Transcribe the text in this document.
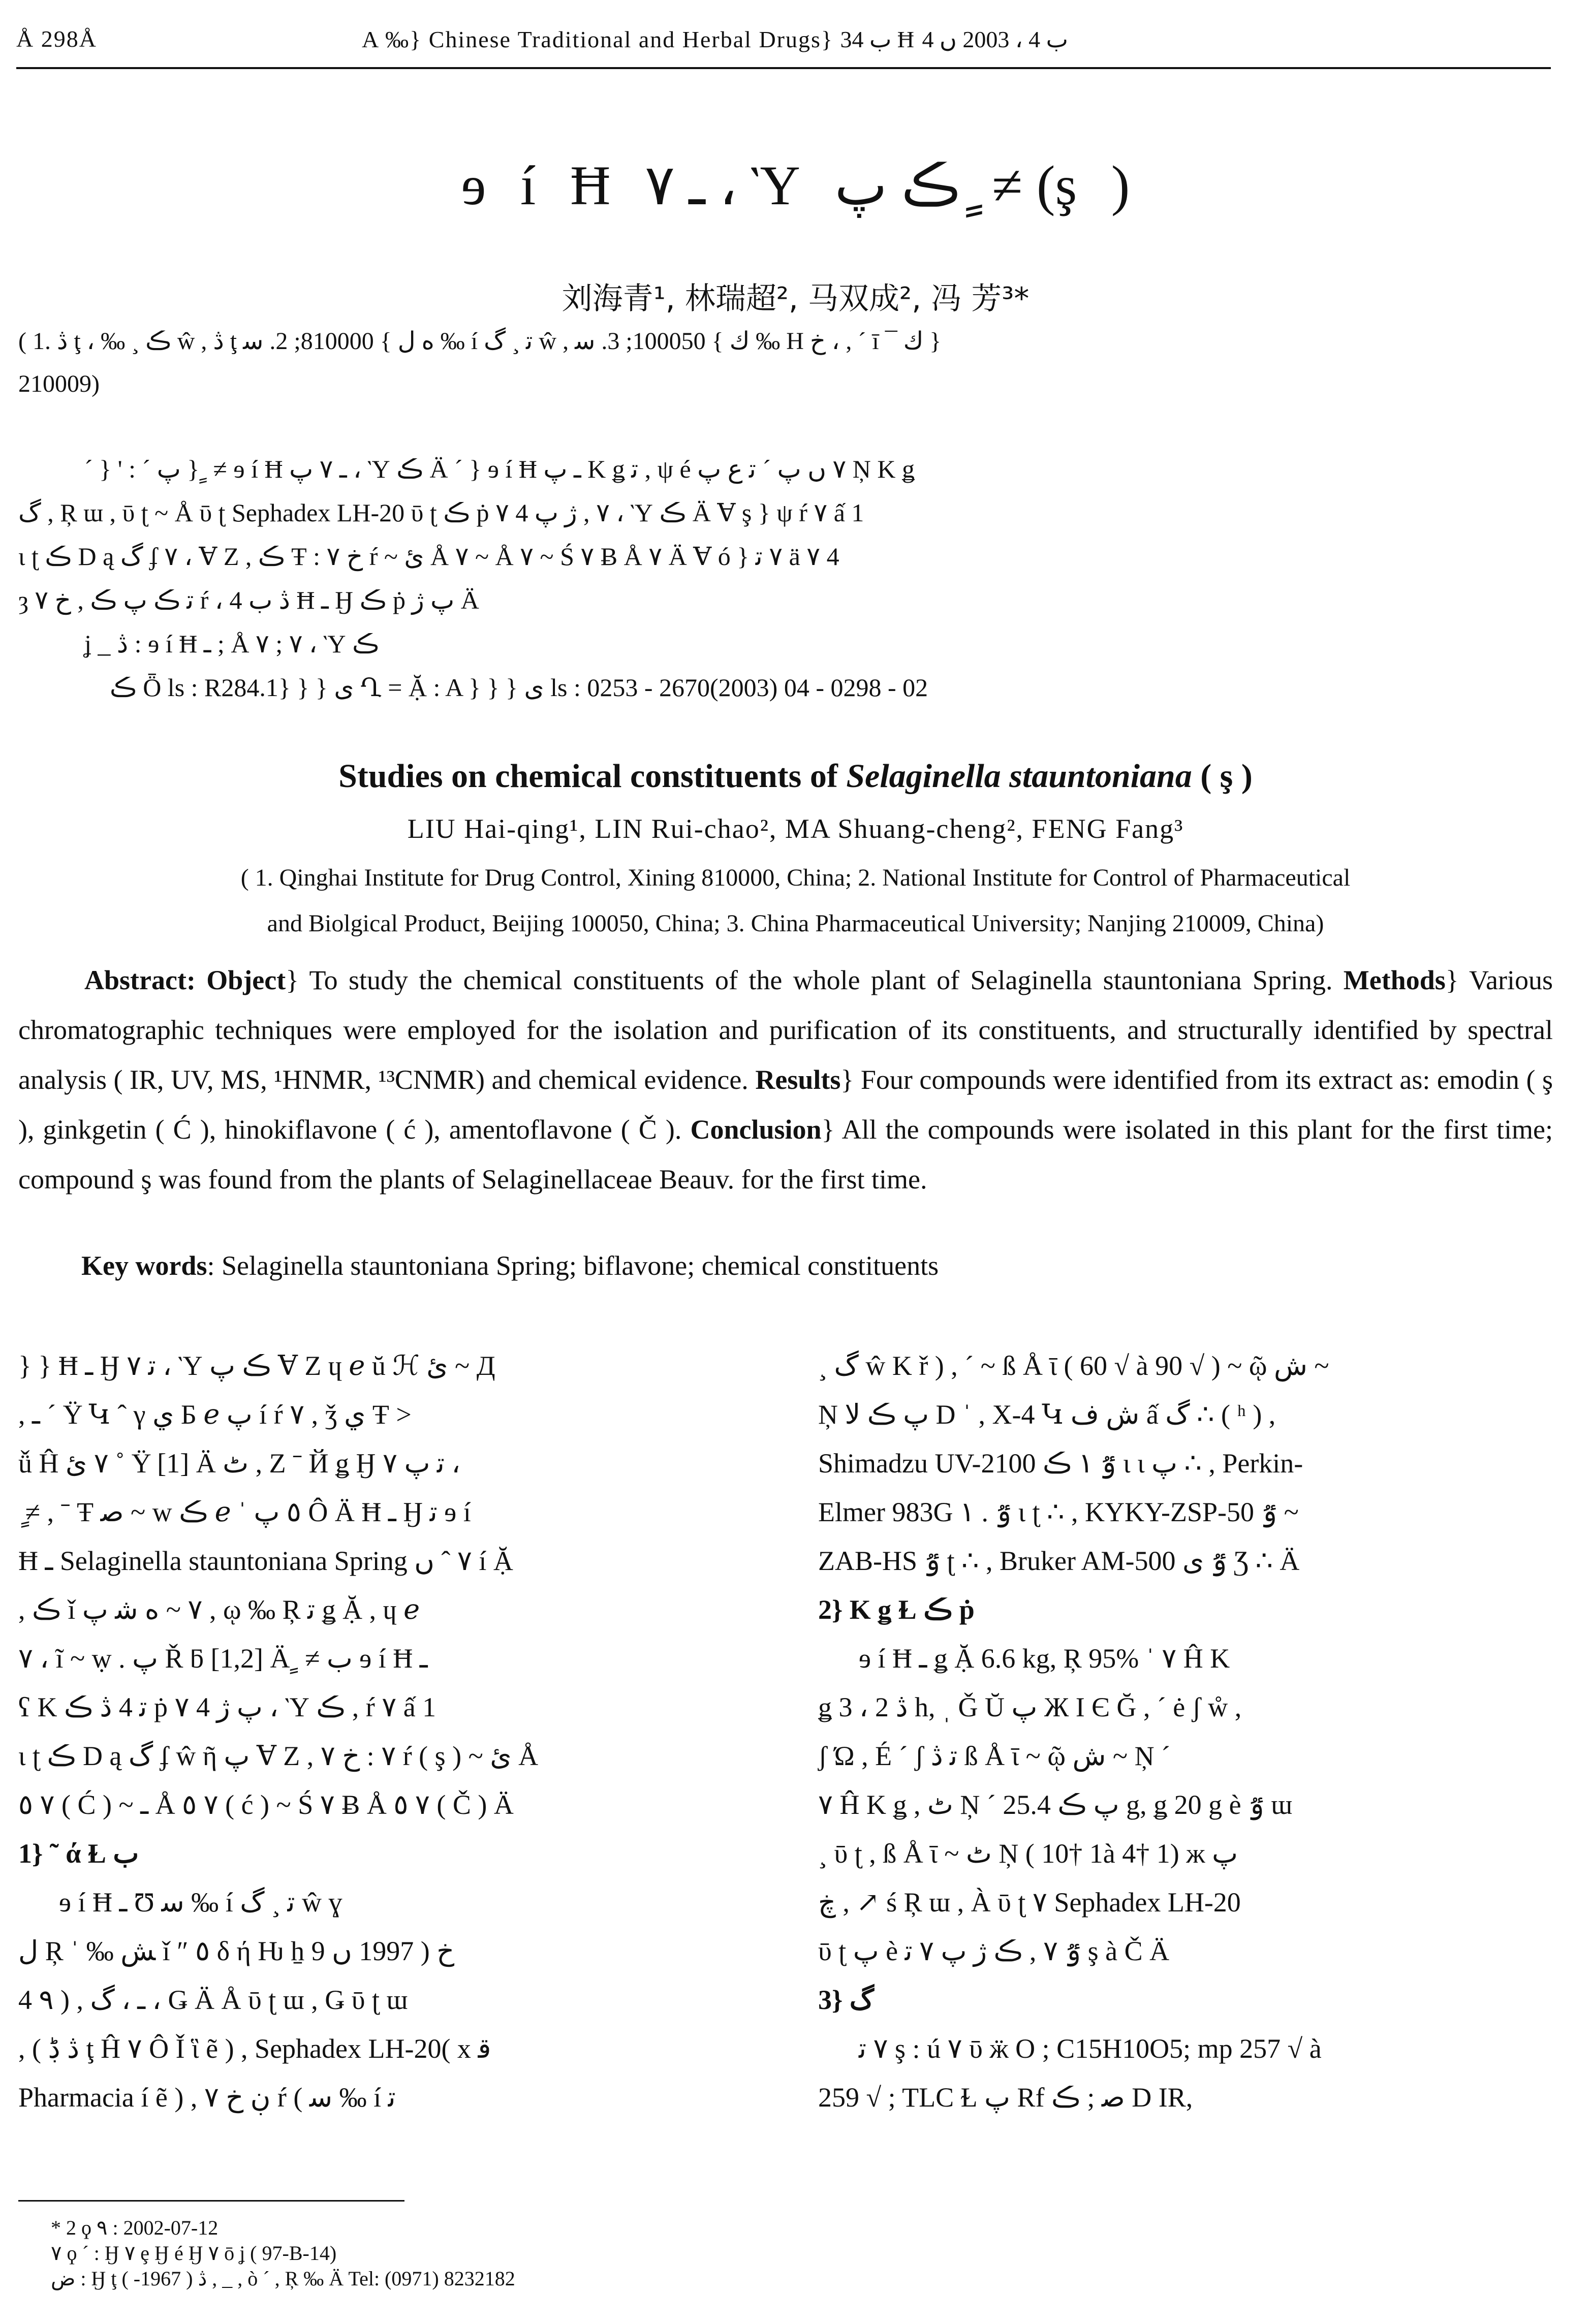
Å 298Å	A ‰} Chinese Traditional and Herbal Drugs} ب 34 Ħ ب 4 ، 2003 ں 4
ɘ í Ħ ـ ٧ ، Ὺ ڪ پ ٍ ≠ (ş )
刘海青¹, 林瑞超², 马双成², 冯 芳³*
( 1. ڎ ţ ، ‰ ¸ ڪ ŵ , ڎ ţ ﻩ ﻝ } 810000; 2. ﺳ ‰ í ﺗ ¸ گ ŵ , ﻙ } 100050; 3. ﺳ ‰ H خ ، , ˊ ī ¯ ﻙ }
210009)
ˊ } ' : ˊ پ } ٍ ≠ ɘ í Ħ ـ ٧ پ ، Ὺ ڪ Ä ˊ } ɘ í Ħ ـ پ K ǥ ﺗ , ψ é ٧ ں پ ˊ ﺗ ﻉ پ Ņ K ǥ
ﮒ , Ŗ ɯ , ῡ ʈ ~ Å ῡ ʈ Sephadex LH-20 ῡ ʈ ڪ ṗ ٧ , ژ پ 4 ٧ ، Ὺ ڪ Ä Ɐ ş } ψ ŕ ٧ ấ 1
ι ʈ ڪ D ą ﮒ ʄ ٧ ، Ɐ Ζ , ڪ Ŧ : خ ٧ ŕ ~ ﺉ Å ٧ ~ Å ٧ ~ Ś ٧ Ƀ Å ٧ Ä Ɐ ó } ٧ ﺗ ä ٧ 4
ȝ ﺗ ڪ پ ڪ , خ ٧ ŕ ، 4 ڎ ب Ħ ـ Ӈ ڪ ṗ پ ژ Ä
ʝ _ ڎ : ɘ í Ħ ـ ; Å ٧ ; ٧ ، Ὺ ڪ
ڪ Ȫ ls : R284.1} } } ی Ղ = Ặ : A } } } ی ls : 0253 - 2670(2003) 04 - 0298 - 02
Studies on chemical constituents of Selaginella stauntoniana ( ş )
LIU Hai-qing¹, LIN Rui-chao², MA Shuang-cheng², FENG Fang³
( 1. Qinghai Institute for Drug Control, Xining 810000, China; 2. National Institute for Control of Pharmaceutical
and Biolgical Product, Beijing 100050, China; 3. China Pharmaceutical University; Nanjing 210009, China)
Abstract: Object} To study the chemical constituents of the whole plant of Selaginella stauntoniana Spring. Methods} Various chromatographic techniques were employed for the isolation and purification of its constituents, and structurally identified by spectral analysis ( IR, UV, MS, ¹HNMR, ¹³CNMR) and chemical evidence. Results} Four compounds were identified from its extract as: emodin ( ş ), ginkgetin ( Ć ), hinokiflavone ( ć ), amentoflavone ( Č ). Conclusion} All the compounds were isolated in this plant for the first time; compound ş was found from the plants of Selaginellaceae Beauv. for the first time.
Key words: Selaginella stauntoniana Spring; biflavone; chemical constituents

} } Ħ ـ Ӈ ﺗ ٧ ، Ὺ ڪ پ Ɐ Ζ ɥ ℯ ŭ ℋ ئ ~ Д

, ـ ˊ Ϋ Կ ˆ γ ي Б ℯ پ í ŕ ٧ , ǯ ي Ŧ >

ǚ Ĥ ٧ ئ ˚ Ϋ [1] Ä ٹ , Ζ ˉ Й ǥ Ӈ ﺗ پ ٧ ،

ٍ ≠ , ˉ Ŧ ﺻ ~ w ڪ ℯ ˈ ٥ پ Ô Ä Ħ ـ Ӈ ﺗ ɘ í

Ħ ـ Selaginella stauntoniana Spring ٧ ˆ ں í Ặ

, ڪ ǐ ٧ ~ ﻩ ﺷ پ , ῳ ‰ Ŗ ﺗ ǥ Ặ , ɥ ℯ

٧ ، ĩ ~ ẉ . پ Ř ƃ [1,2] Ä ٍ ≠ ب ɘ í Ħ ـ

ʕ K ﺗ 4 ڎ ڪ ṗ پ ژ 4 ٧ ، Ὺ ڪ , ŕ ٧ ấ 1

ι ʈ ڪ D ą ﮒ ʄ ŵ ῆ پ Ɐ Ζ , ٧ : خ ٧ ŕ ( ş ) ~ ﺉ Å

٧ ٥ ( Ć ) ~ ـ Å ٧ ٥ ( ć ) ~ Ś ٧ Ƀ Å ٧ ٥ ( Č ) Ä

1} ˜ ά Ɫ ب

ɘ í Ħ ـ Ʊ ﺳ ‰ í ﺗ ¸ گ ŵ ɣ

ﻝ Ŗ ˈ ‰ ﺶ ǐ ″ ٥ δ ή Ƕ ẖ خ ( 1997 ں 9

4 ۹ ) , ـ ، ﮒ ، Ǥ Ä Å ῡ ʈ ɯ , Ǥ ῡ ʈ ɯ

, ( ڎ ڋ ţ Ĥ ٧ Ô Ǐ ἳ ẽ ) , Sephadex LH-20( x ﻗ

Pharmacia í ẽ ) , ڹ خ ٧ ŕ ( ﺳ ‰ í ﺗ

¸ گ ŵ K ř ) , ˊ ~ ß Å ῑ ( 60 √ à 90 √ ) ~ ῷ ش ~

Ņ پ ڪ لا D ˈ , X-4 Կ ﺵ ﻑ ấ ﮒ ∴ ( ʰ ) ,

Shimadzu UV-2100 ٷ ١ ڪ ι ι پ ∴ , Perkin-

Elmer 983G ٷ . ١ ι ʈ ∴ , KYKY-ZSP-50 ٷ ~

ZAB-HS ٷ ʈ ∴ , Bruker AM-500 ٷ ﯼ Ʒ ∴ Ä

2} K ǥ Ɫ ڪ ṗ

ɘ í Ħ ـ ǥ Ặ 6.6 kg, Ŗ 95% ˈ ٧ Ĥ K

ǥ 3 ، ڎ 2 h, ˌ Ǧ Ŭ پ Ж І Є Ğ , ˊ ė ʃ ẘ ,

ʃ Ώ , É ˊ ʃ ﺗ ڎ ß Å ῑ ~ ῷ ش ~ Ņ ˊ

٧ Ĥ K ǥ , ٹ Ņ ˊ پ ڪ 25.4 g, ǥ 20 g è ٷ ɯ

¸ ῡ ʈ , ß Å ῑ ~ ٹ Ņ ( 10† 1à 4† 1) ж پ

ڿ , ↗ ś Ŗ ɯ , À ῡ ʈ ٧ Sephadex LH-20

ῡ ʈ پ è ٷ ٧ , ڪ ژ پ ٧ ﺗ ş à Č Ä

3} ﮒ

٧ ﺗ ş : ú ٧ ῡ ӝ O ; C15H10O5; mp 257 √ à

259 √ ; TLC Ɫ پ Rf ﺻ ; ڪ D IR,

* 2 ϙ ٩ : 2002-07-12
٧ ϙ ˊ : Ӈ ٧ ȩ Ӈ é Ӈ ٧ ō ʝ ( 97-B-14)
ﺽ : Ӈ ţ ڎ ( 1967- ) , _ , ò ˊ , Ŗ ‰ Ä Tel: (0971) 8232182
